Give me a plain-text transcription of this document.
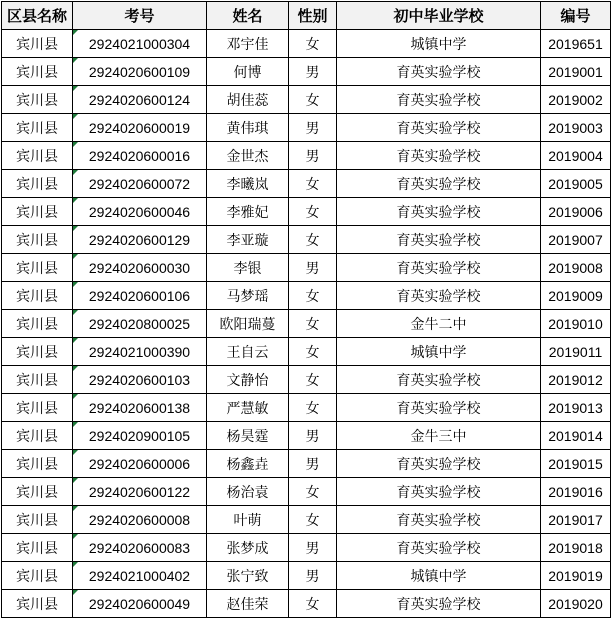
区县名称	考号	姓名	性别	初中毕业学校	编号
宾川县	2924021000304	邓宇佳	女	城镇中学	2019651
宾川县	2924020600109	何博	男	育英实验学校	2019001
宾川县	2924020600124	胡佳蕊	女	育英实验学校	2019002
宾川县	2924020600019	黄伟琪	男	育英实验学校	2019003
宾川县	2924020600016	金世杰	男	育英实验学校	2019004
宾川县	2924020600072	李曦岚	女	育英实验学校	2019005
宾川县	2924020600046	李雅妃	女	育英实验学校	2019006
宾川县	2924020600129	李亚璇	女	育英实验学校	2019007
宾川县	2924020600030	李银	男	育英实验学校	2019008
宾川县	2924020600106	马梦瑶	女	育英实验学校	2019009
宾川县	2924020800025	欧阳瑞蔓	女	金牛二中	2019010
宾川县	2924021000390	王自云	女	城镇中学	2019011
宾川县	2924020600103	文静怡	女	育英实验学校	2019012
宾川县	2924020600138	严慧敏	女	育英实验学校	2019013
宾川县	2924020900105	杨昊霆	男	金牛三中	2019014
宾川县	2924020600006	杨鑫垚	男	育英实验学校	2019015
宾川县	2924020600122	杨治袁	女	育英实验学校	2019016
宾川县	2924020600008	叶萌	女	育英实验学校	2019017
宾川县	2924020600083	张梦成	男	育英实验学校	2019018
宾川县	2924021000402	张宁致	男	城镇中学	2019019
宾川县	2924020600049	赵佳荣	女	育英实验学校	2019020
